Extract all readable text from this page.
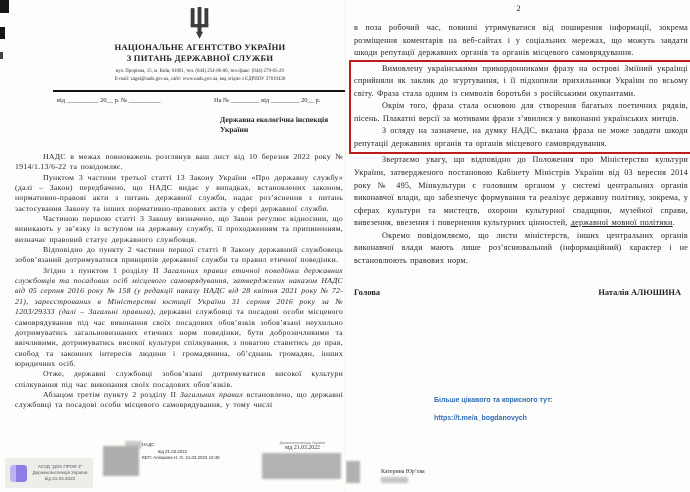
НАЦІОНАЛЬНЕ АГЕНТСТВО УКРАЇНИ
З ПИТАНЬ ДЕРЖАВНОЇ СЛУЖБИ
вул. Прорізна, 15, м. Київ, 01601, тел. (044) 254-06-00, тел./факс: (044) 279-05-29
E-mail: zagal@nads.gov.ua, сайт: www.nads.gov.ua, код згідно з ЄДРПОУ 37819430
від __________ 20__ р. № __________	На № _________ від _________ 20__ р.
Державна екологічна інспекція
України
НАДС в межах повноважень розглянув ваш лист від 10 березня 2022 року № 1914/1.13/6-22 та повідомляє.
Пунктом 3 частини третьої статті 13 Закону України «Про державну службу» (далі – Закон) передбачено, що НАДС видає у випадках, встановлених законом, нормативно-правові акти з питань державної служби, надає роз’яснення з питань застосування Закону та інших нормативно-правових актів у сфері державної служби.
Частиною першою статті 3 Закону визначено, що Закон регулює відносини, що виникають у зв’язку із вступом на державну службу, її проходженням та припиненням, визначає правовий статус державного службовця.
Відповідно до пункту 2 частини першої статті 8 Закону державний службовець зобов’язаний дотримуватися принципів державної служби та правил етичної поведінки.
Згідно з пунктом 1 розділу II Загальних правил етичної поведінки державних службовців та посадових осіб місцевого самоврядування, затверджених наказом НАДС від 05 серпня 2016 року № 158 (у редакції наказу НАДС від 28 квітня 2021 року № 72-21), зареєстрованих в Міністерстві юстиції України 31 серпня 2016 року за № 1203/29333 (далі – Загальні правила), державні службовці та посадові особи місцевого самоврядування під час виконання своїх посадових обов’язків зобов’язані неухильно дотримуватись загальновизнаних етичних норм поведінки, бути доброзичливими та ввічливими, дотримуватись високої культури спілкування, з повагою ставитись до прав, свобод та законних інтересів людини і громадянина, об’єднань громадян, інших юридичних осіб.
Отже, державні службовці зобов’язані дотримуватися високої культури спілкування під час виконання своїх посадових обов’язків.
Абзацом третім пункту 2 розділу II Загальних правил встановлено, що державні службовці та посадові особи місцевого самоврядування, у тому числі
АСУД "ДОК ПРОФ 3"
Держекоінспекція Україна
від 21.03.2022
НАДС
від 21.03.2022
КЕП: Алюшина Н. О. 21.03.2022 10:48
Держекоінспекція України
від 21.03.2022
2
в поза робочий час, повинні утримуватися від поширення інформації, зокрема розміщення коментарів на веб-сайтах і у соціальних мережах, що можуть завдати шкоди репутації державних органів та органів місцевого самоврядування.
Вимовлену українськими прикордонниками фразу на острові Зміїний українці сприйняли як заклик до згуртування, і її підхопили прихильники України по всьому світу. Фраза стала одним із символів боротьби з російськими окупантами.
Окрім того, фраза стала основою для створення багатьох поетичних рядків, пісень. Плакатні версії за мотивами фрази з’явилися у виконанні українських митців.
З огляду на зазначене, на думку НАДС, вказана фраза не може завдати шкоди репутації державних органів та органів місцевого самоврядування.
Звертаємо увагу, що відповідно до Положення про Міністерство культури України, затвердженого постановою Кабінету Міністрів України від 03 вересня 2014 року № 495, Мінкультури є головним органом у системі центральних органів виконавчої влади, що забезпечує формування та реалізує державну політику, зокрема, у сферах культури та мистецтв, охорони культурної спадщини, музейної справи, вивезення, ввезення і повернення культурних цінностей, державної мовної політики.
Окремо повідомляємо, що листи міністерств, інших центральних органів виконавчої влади мають лише роз’яснювальний (інформаційний) характер і не встановлюють правових норм.
Голова	Наталія АЛЮШИНА
Більше цікавого та корисного тут:
https://t.me/a_bogdanovych
Катерина Юр’єва
